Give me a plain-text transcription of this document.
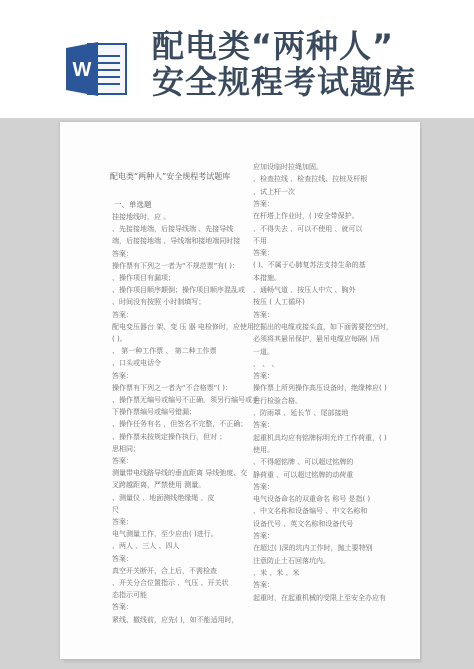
W
配电类“两种人”
安全规程考试题库
配电类“两种人”安全规程考试题库
一、单选题
挂接地线时，应 。
、先接接地端，后接导线端 、先接导线
端，后接接地端 、导线端和接地端同时接
答案：
操作票有下列之一者为“不规范票”有( )：
、操作项目有漏项；
、操作项目顺序颠倒；操作项目顺序混乱或
、时间没有按照 小时制填写；
答案：
配电变压器台 架、变 压 器 电检修时，应使用
( )。
、 第一种工作票 、 第二种工作票
、口头或电话令
答案：
操作票有下列之一者为“不合格票”( )：
、操作票无编号或编号不正确，须另行编号或手
下操作票编号或编号错漏；
、操作任务有名 ，但签名不完整，不正确；
、操作票未按规定操作执行，但对 ；
思相同；
答案：
测量带电线路导线的垂直距离 导线弛度、交
叉跨越距离，严禁使用 测量。
、测量仪 、地面测线绝缘绳 、皮
尺
答案：
电气测量工作，至少应由( )进行。
、两人 、三人 、四人
答案：
真空开关断开，合上后，不需检查
、开关分合位置指示 、气压 、开关状
态指示可能
答案：
紧线、撤线前，应先( )，如不能适用时，
应加设临时拉绳加固。
、检查拉线 、检查拉线、拉桩及杆根
、试上杆一次
答案：
在杆塔上作业时，( )安全带保护。
、不得失去 、可以不使用 、就可以
不用
答案：
( )、不属于心肺复苏法支持生命的基
本措施。
、通畅气道 、按压人中穴 、胸外
按压 ( 人工循环)
答案：
挖掘出的电缆或接头盒，如下面需要挖空时，
必须将其悬吊保护，悬吊电缆应每隔( )吊
一道。
、 、 、
答案：
操作票上所列操作高压设备时，绝缘棒应( )
进行检验合格。
、防雨罩 、延长节 、尾部接地
答案：
起重机具均应有铭牌标明允许工作荷重，( )
使用。
、不得超铭牌 、可以超过铭牌的
静荷重 、可以超过铭牌的动荷重
答案：
电气设备命名的双重命名 称号 是指( )
、中文名称和设备编号 、中文名称和
设备代号 、英文名称和设备代号
答案：
在超过( )深的坑内工作时，抛土要特别
注意防止土石回落坑内。
、米 、米 、米
答案：
起重时，在起重机械的受限上至安全办应有
